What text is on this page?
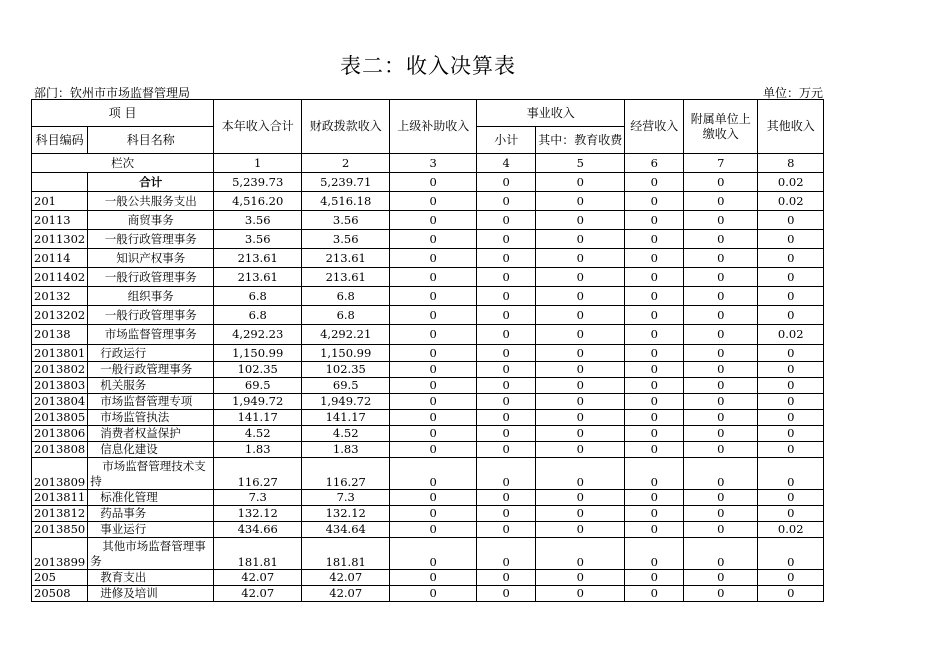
表二：收入决算表
部门：钦州市市场监督管理局	单位：万元
项 目		本年收入合计	财政拨款收入	上级补助收入	事业收入		经营收入	附属单位上缴收入	其他收入
科目编码	科目名称				小计	其中：教育收费			
栏次		1	2	3	4	5	6	7	8
	合计	5,239.73	5,239.71	0	0	0	0	0	0.02
201	一般公共服务支出	4,516.20	4,516.18	0	0	0	0	0	0.02
20113	商贸事务	3.56	3.56	0	0	0	0	0	0
2011302	一般行政管理事务	3.56	3.56	0	0	0	0	0	0
20114	知识产权事务	213.61	213.61	0	0	0	0	0	0
2011402	一般行政管理事务	213.61	213.61	0	0	0	0	0	0
20132	组织事务	6.8	6.8	0	0	0	0	0	0
2013202	一般行政管理事务	6.8	6.8	0	0	0	0	0	0
20138	市场监督管理事务	4,292.23	4,292.21	0	0	0	0	0	0.02
2013801	行政运行	1,150.99	1,150.99	0	0	0	0	0	0
2013802	一般行政管理事务	102.35	102.35	0	0	0	0	0	0
2013803	机关服务	69.5	69.5	0	0	0	0	0	0
2013804	市场监督管理专项	1,949.72	1,949.72	0	0	0	0	0	0
2013805	市场监管执法	141.17	141.17	0	0	0	0	0	0
2013806	消费者权益保护	4.52	4.52	0	0	0	0	0	0
2013808	信息化建设	1.83	1.83	0	0	0	0	0	0
2013809	市场监督管理技术支持	116.27	116.27	0	0	0	0	0	0
2013811	标准化管理	7.3	7.3	0	0	0	0	0	0
2013812	药品事务	132.12	132.12	0	0	0	0	0	0
2013850	事业运行	434.66	434.64	0	0	0	0	0	0.02
2013899	其他市场监督管理事务	181.81	181.81	0	0	0	0	0	0
205	教育支出	42.07	42.07	0	0	0	0	0	0
20508	进修及培训	42.07	42.07	0	0	0	0	0	0
